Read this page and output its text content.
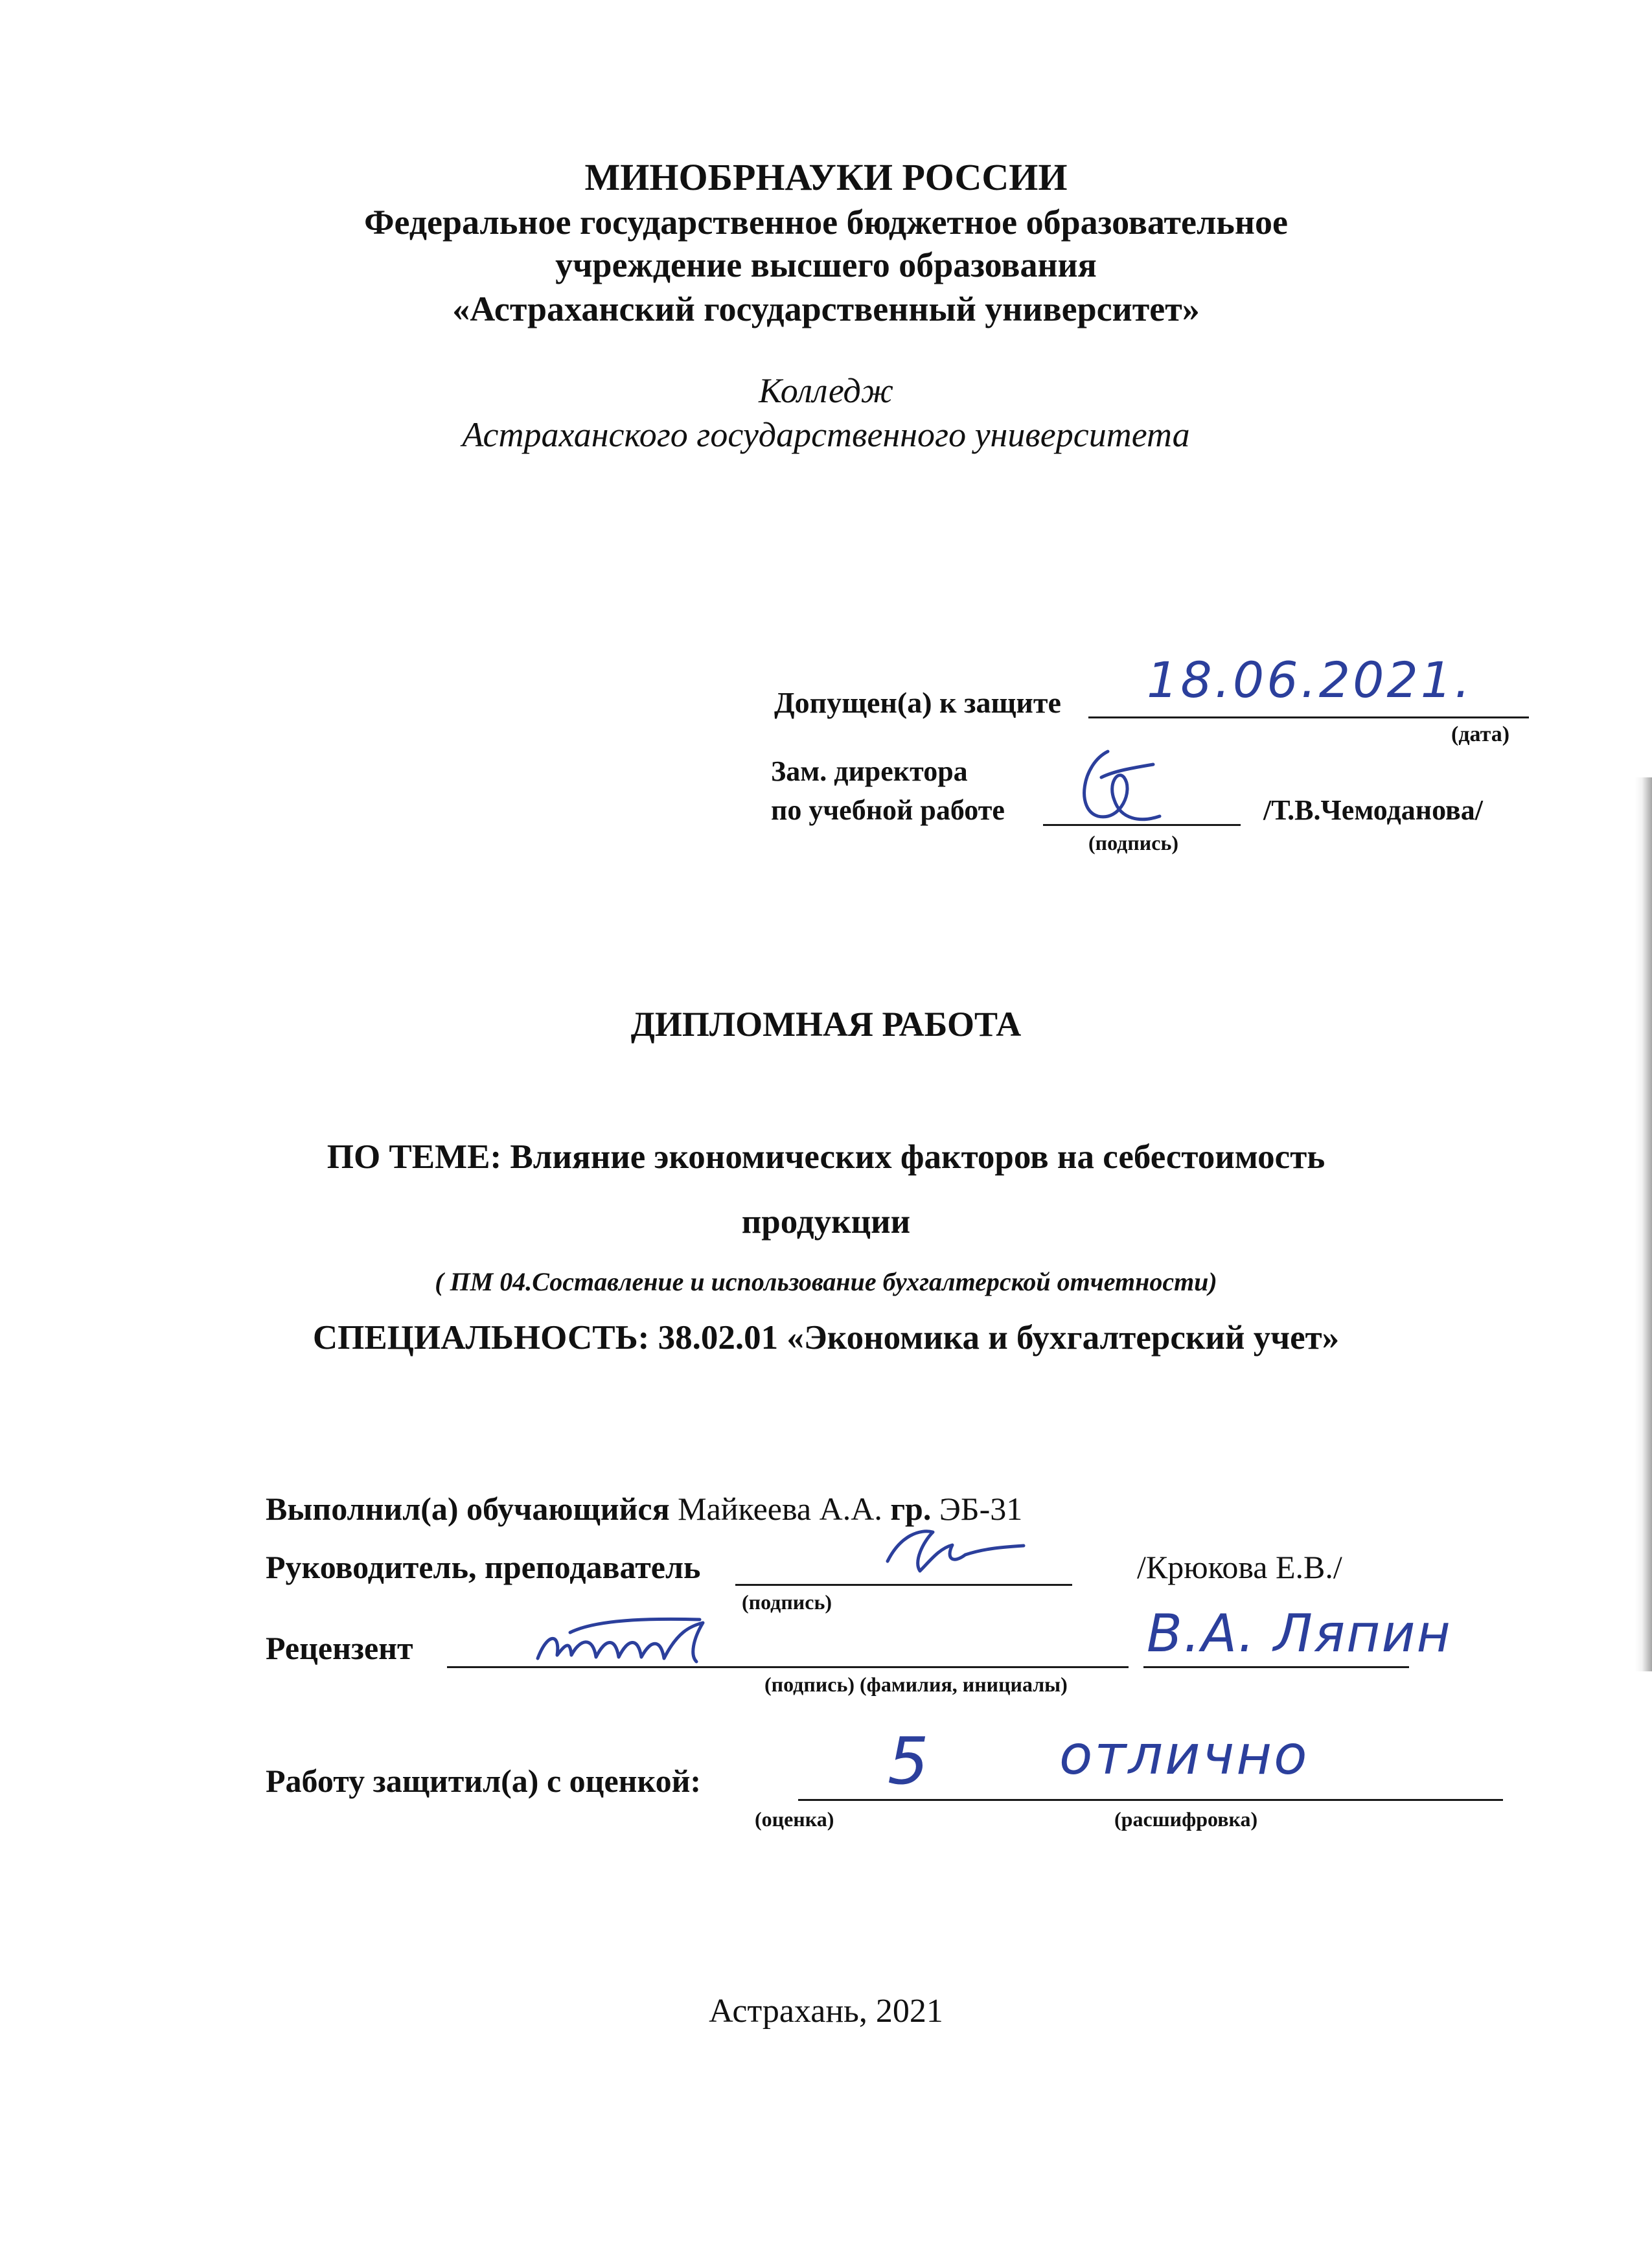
МИНОБРНАУКИ РОССИИ
Федеральное государственное бюджетное образовательное
учреждение высшего образования
«Астраханский государственный университет»
Колледж
Астраханского государственного университета
Допущен(а) к защите 18.06.2021.
(дата)
Зам. директора
по учебной работе
(подпись)
/Т.В.Чемоданова/
ДИПЛОМНАЯ РАБОТА
ПО ТЕМЕ: Влияние экономических факторов на себестоимость
продукции
( ПМ 04.Составление и использование бухгалтерской отчетности)
СПЕЦИАЛЬНОСТЬ: 38.02.01 «Экономика и бухгалтерский учет»
Выполнил(а) обучающийся Майкеева А.А. гр. ЭБ-31
Руководитель, преподаватель
(подпись)
/Крюкова Е.В./
Рецензент	В.А. Ляпин
(подпись) (фамилия, инициалы)
Работу защитил(а) с оценкой:	5 отлично
(оценка)	(расшифровка)
Астрахань, 2021
